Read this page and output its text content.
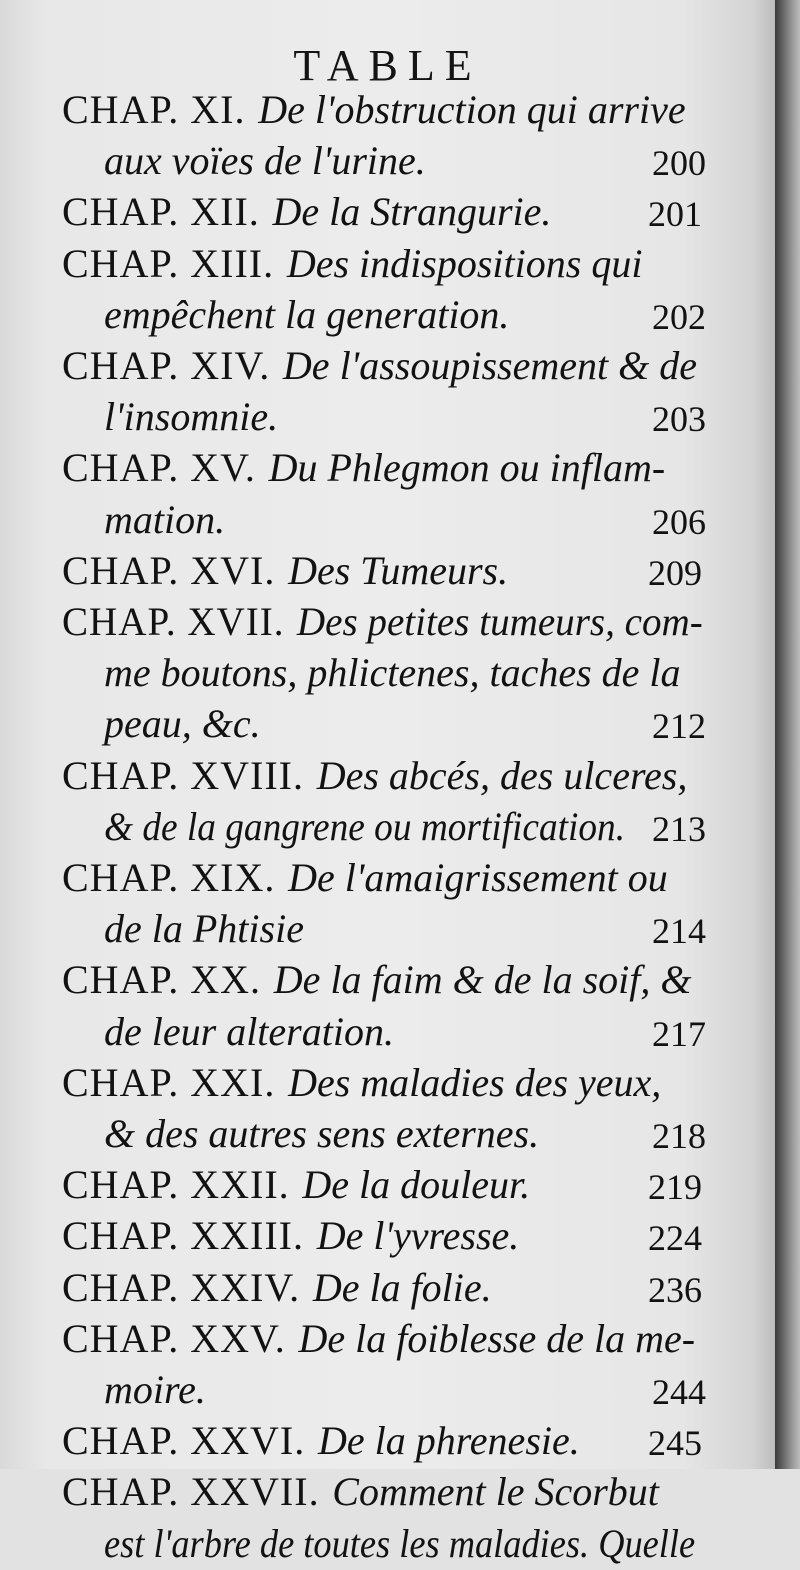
TABLE
CHAP. XI. De l'obstruction qui arrive
aux voïes de l'urine.	200
CHAP. XII. De la Strangurie.	201
CHAP. XIII. Des indispositions qui
empêchent la generation.	202
CHAP. XIV. De l'assoupissement & de
l'insomnie.	203
CHAP. XV. Du Phlegmon ou inflam-
mation.	206
CHAP. XVI. Des Tumeurs.	209
CHAP. XVII. Des petites tumeurs, com-
me boutons, phlictenes, taches de la
peau, &c.	212
CHAP. XVIII. Des abcés, des ulceres,
& de la gangrene ou mortification. 213
CHAP. XIX. De l'amaigrissement ou
de la Phtisie	214
CHAP. XX. De la faim & de la soif, &
de leur alteration.	217
CHAP. XXI. Des maladies des yeux,
& des autres sens externes.	218
CHAP. XXII. De la douleur.	219
CHAP. XXIII. De l'yvresse.	224
CHAP. XXIV. De la folie.	236
CHAP. XXV. De la foiblesse de la me-
moire.	244
CHAP. XXVI. De la phrenesie. 245
CHAP. XXVII. Comment le Scorbut
est l'arbre de toutes les maladies. Quelle
